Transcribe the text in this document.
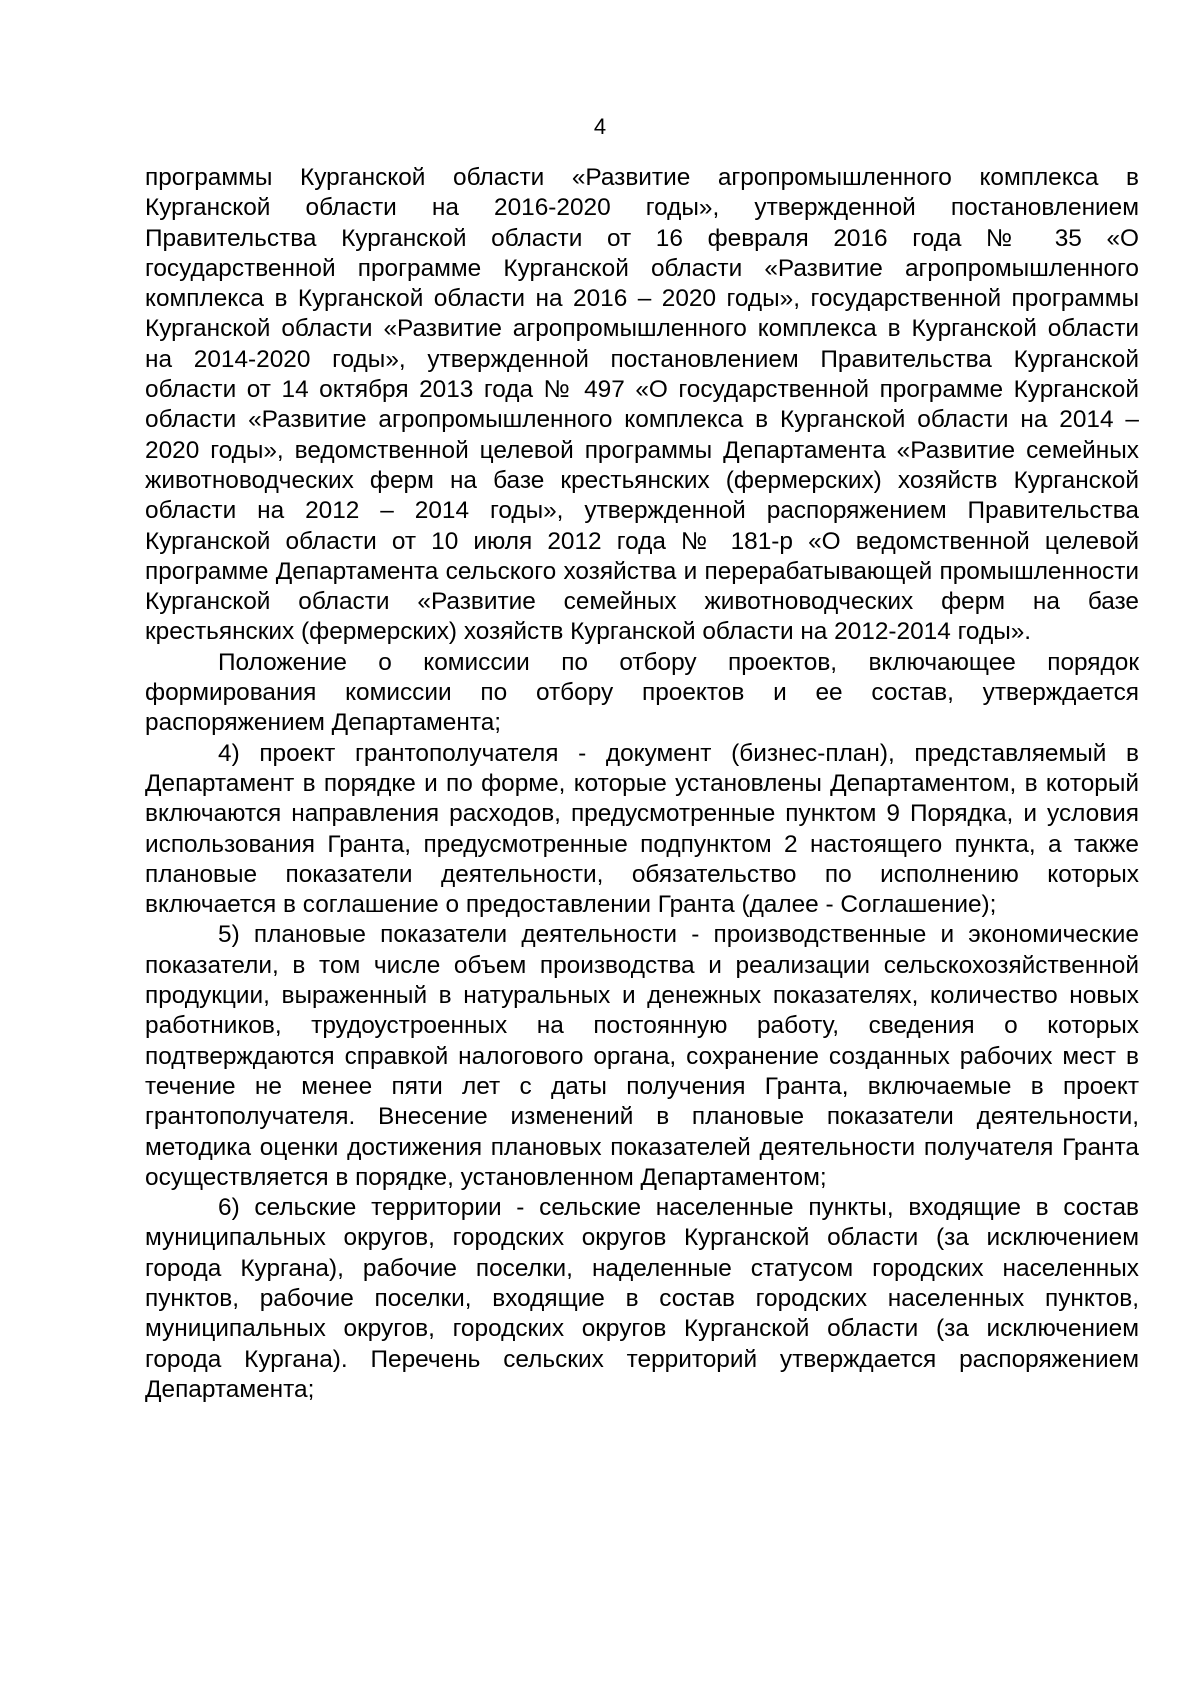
4

программы Курганской области «Развитие агропромышленного комплекса в Курганской области на 2016-2020 годы», утвержденной постановлением Правительства Курганской области от 16 февраля 2016 года № 35 «О государственной программе Курганской области «Развитие агропромышленного комплекса в Курганской области на 2016 – 2020 годы», государственной программы Курганской области «Развитие агропромышленного комплекса в Курганской области на 2014-2020 годы», утвержденной постановлением Правительства Курганской области от 14 октября 2013 года № 497 «О государственной программе Курганской области «Развитие агропромышленного комплекса в Курганской области на 2014 – 2020 годы», ведомственной целевой программы Департамента «Развитие семейных животноводческих ферм на базе крестьянских (фермерских) хозяйств Курганской области на 2012 – 2014 годы», утвержденной распоряжением Правительства Курганской области от 10 июля 2012 года № 181-р «О ведомственной целевой программе Департамента сельского хозяйства и перерабатывающей промышленности Курганской области «Развитие семейных животноводческих ферм на базе крестьянских (фермерских) хозяйств Курганской области на 2012-2014 годы».

Положение о комиссии по отбору проектов, включающее порядок формирования комиссии по отбору проектов и ее состав, утверждается распоряжением Департамента;

4) проект грантополучателя - документ (бизнес-план), представляемый в Департамент в порядке и по форме, которые установлены Департаментом, в который включаются направления расходов, предусмотренные пунктом 9 Порядка, и условия использования Гранта, предусмотренные подпунктом 2 настоящего пункта, а также плановые показатели деятельности, обязательство по исполнению которых включается в соглашение о предоставлении Гранта (далее - Соглашение);

5) плановые показатели деятельности - производственные и экономические показатели, в том числе объем производства и реализации сельскохозяйственной продукции, выраженный в натуральных и денежных показателях, количество новых работников, трудоустроенных на постоянную работу, сведения о которых подтверждаются справкой налогового органа, сохранение созданных рабочих мест в течение не менее пяти лет с даты получения Гранта, включаемые в проект грантополучателя. Внесение изменений в плановые показатели деятельности, методика оценки достижения плановых показателей деятельности получателя Гранта осуществляется в порядке, установленном Департаментом;

6) сельские территории - сельские населенные пункты, входящие в состав муниципальных округов, городских округов Курганской области (за исключением города Кургана), рабочие поселки, наделенные статусом городских населенных пунктов, рабочие поселки, входящие в состав городских населенных пунктов, муниципальных округов, городских округов Курганской области (за исключением города Кургана). Перечень сельских территорий утверждается распоряжением Департамента;
